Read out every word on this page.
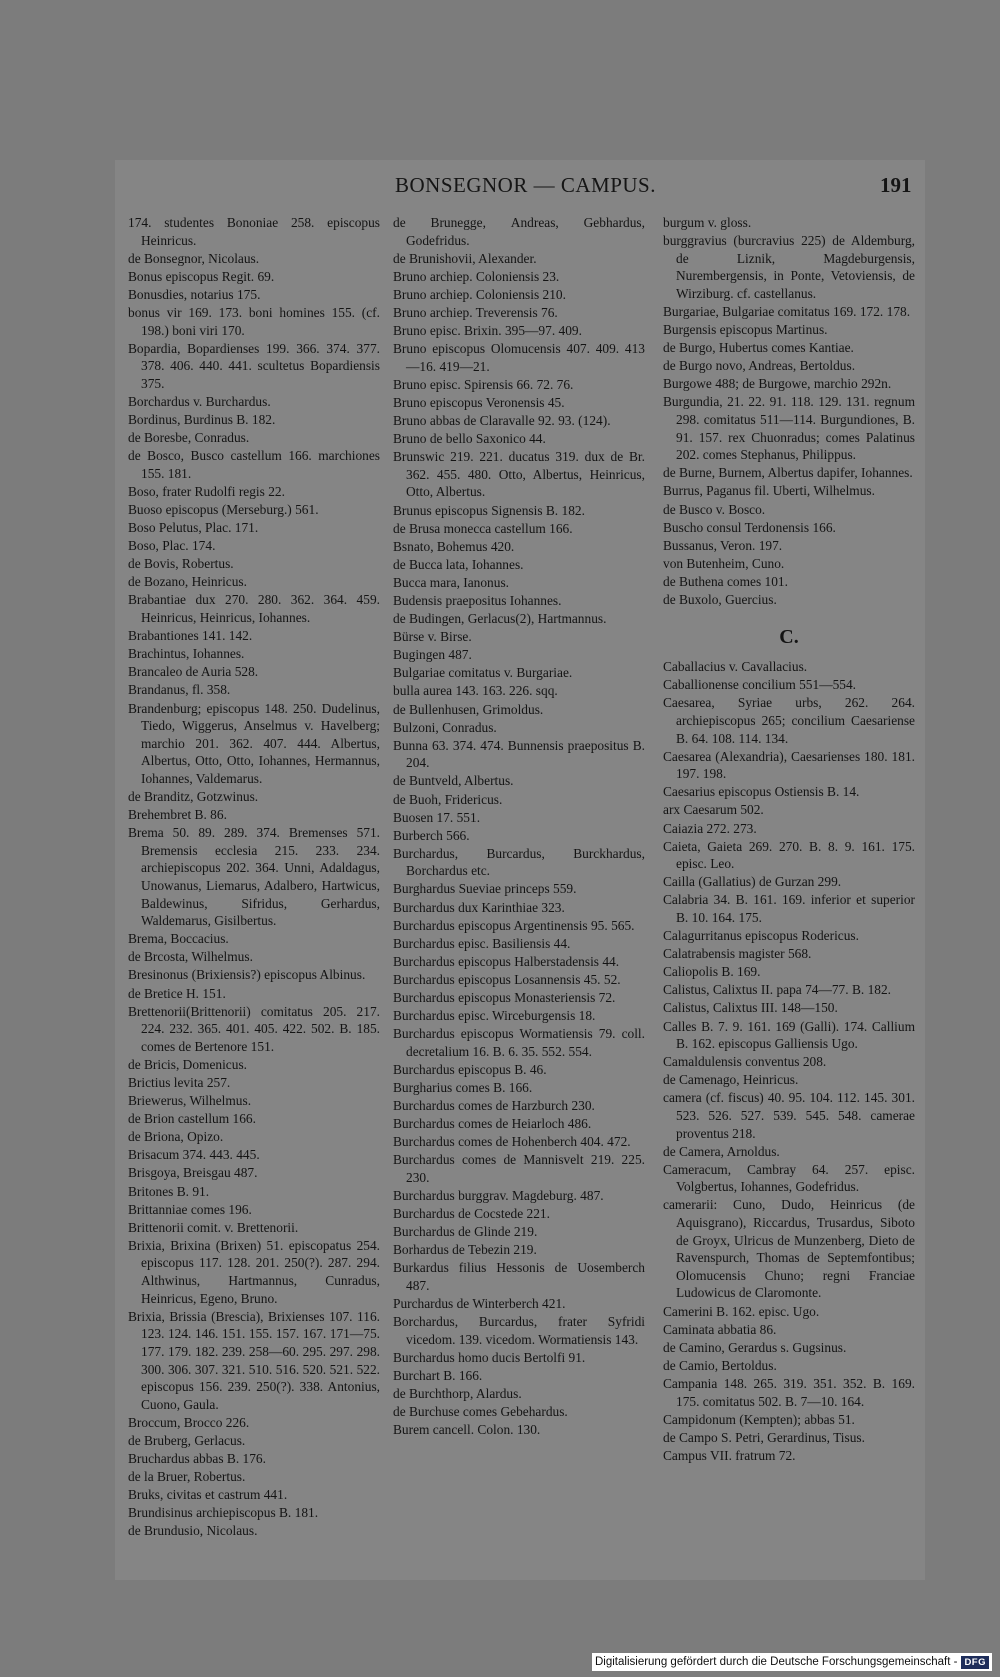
BONSEGNOR — CAMPUS.	191
174. studentes Bononiae 258. episcopus Heinricus.
de Bonsegnor, Nicolaus.
Bonus episcopus Regit. 69.
Bonusdies, notarius 175.
bonus vir 169. 173. boni homines 155. (cf. 198.) boni viri 170.
Bopardia, Bopardienses 199. 366. 374. 377. 378. 406. 440. 441. scultetus Bopardiensis 375.
Borchardus v. Burchardus.
Bordinus, Burdinus B. 182.
de Boresbe, Conradus.
de Bosco, Busco castellum 166. marchiones 155. 181.
Boso, frater Rudolfi regis 22.
Buoso episcopus (Merseburg.) 561.
Boso Pelutus, Plac. 171.
Boso, Plac. 174.
de Bovis, Robertus.
de Bozano, Heinricus.
Brabantiae dux 270. 280. 362. 364. 459. Heinricus, Heinricus, Iohannes.
Brabantiones 141. 142.
Brachintus, Iohannes.
Brancaleo de Auria 528.
Brandanus, fl. 358.
Brandenburg; episcopus 148. 250. Dudelinus, Tiedo, Wiggerus, Anselmus v. Havelberg; marchio 201. 362. 407. 444. Albertus, Albertus, Otto, Otto, Iohannes, Hermannus, Iohannes, Valdemarus.
de Branditz, Gotzwinus.
Brehembret B. 86.
Brema 50. 89. 289. 374. Bremenses 571. Bremensis ecclesia 215. 233. 234. archiepiscopus 202. 364. Unni, Adaldagus, Unowanus, Liemarus, Adalbero, Hartwicus, Baldewinus, Sifridus, Gerhardus, Waldemarus, Gisilbertus.
Brema, Boccacius.
de Brcosta, Wilhelmus.
Bresinonus (Brixiensis?) episcopus Albinus.
de Bretice H. 151.
Brettenorii(Brittenorii) comitatus 205. 217. 224. 232. 365. 401. 405. 422. 502. B. 185. comes de Bertenore 151.
de Bricis, Domenicus.
Brictius levita 257.
Briewerus, Wilhelmus.
de Brion castellum 166.
de Briona, Opizo.
Brisacum 374. 443. 445.
Brisgoya, Breisgau 487.
Britones B. 91.
Brittanniae comes 196.
Brittenorii comit. v. Brettenorii.
Brixia, Brixina (Brixen) 51. episcopatus 254. episcopus 117. 128. 201. 250(?). 287. 294. Althwinus, Hartmannus, Cunradus, Heinricus, Egeno, Bruno.
Brixia, Brissia (Brescia), Brixienses 107. 116. 123. 124. 146. 151. 155. 157. 167. 171—75. 177. 179. 182. 239. 258—60. 295. 297. 298. 300. 306. 307. 321. 510. 516. 520. 521. 522. episcopus 156. 239. 250(?). 338. Antonius, Cuono, Gaula.
Broccum, Brocco 226.
de Bruberg, Gerlacus.
Bruchardus abbas B. 176.
de la Bruer, Robertus.
Bruks, civitas et castrum 441.
Brundisinus archiepiscopus B. 181.
de Brundusio, Nicolaus.
de Bruneggе, Andreas, Gebhardus, Godefridus.
de Brunishovii, Alexander.
Bruno archiep. Coloniensis 23.
Bruno archiep. Coloniensis 210.
Bruno archiep. Treverensis 76.
Bruno episc. Brixin. 395—97. 409.
Bruno episcopus Olomucensis 407. 409. 413—16. 419—21.
Bruno episc. Spirensis 66. 72. 76.
Bruno episcopus Veronensis 45.
Bruno abbas de Claravalle 92. 93. (124).
Bruno de bello Saxonico 44.
Brunswic 219. 221. ducatus 319. dux de Br. 362. 455. 480. Otto, Albertus, Heinricus, Otto, Albertus.
Brunus episcopus Signensis B. 182.
de Brusa monecca castellum 166.
Bsnato, Bohemus 420.
de Bucca lata, Iohannes.
Bucca mara, Ianonus.
Budensis praepositus Iohannes.
de Budingen, Gerlacus(2), Hartmannus.
Bürse v. Birse.
Bugingen 487.
Bulgariae comitatus v. Burgariae.
bulla aurea 143. 163. 226. sqq.
de Bullenhusen, Grimoldus.
Bulzoni, Conradus.
Bunna 63. 374. 474. Bunnensis praepositus B. 204.
de Buntveld, Albertus.
de Buoh, Fridericus.
Buosen 17. 551.
Burberch 566.
Burchardus, Burcardus, Burckhardus, Borchardus etc.
Burghardus Sueviae princeps 559.
Burchardus dux Karinthiae 323.
Burchardus episcopus Argentinensis 95. 565.
Burchardus episc. Basiliensis 44.
Burchardus episcopus Halberstadensis 44.
Burchardus episcopus Losannensis 45. 52.
Burchardus episcopus Monasteriensis 72.
Burchardus episc. Wirceburgensis 18.
Burchardus episcopus Wormatiensis 79. coll. decretalium 16. B. 6. 35. 552. 554.
Burchardus episcopus B. 46.
Burgharius comes B. 166.
Burchardus comes de Harzburch 230.
Burchardus comes de Heiarloch 486.
Burchardus comes de Hohenberch 404. 472.
Burchardus comes de Mannisvelt 219. 225. 230.
Burchardus burggrav. Magdeburg. 487.
Burchardus de Cocstede 221.
Burchardus de Glinde 219.
Borhardus de Tebezin 219.
Burkardus filius Hessonis de Uosemberch 487.
Purchardus de Winterberch 421.
Borchardus, Burcardus, frater Syfridi vicedom. 139. vicedom. Wormatiensis 143.
Burchardus homo ducis Bertolfi 91.
Burchart B. 166.
de Burchthorp, Alardus.
de Burchuse comes Gebehardus.
Burem cancell. Colon. 130.
burgum v. gloss.
burggravius (burcravius 225) de Aldemburg, de Liznik, Magdeburgensis, Nurembergensis, in Ponte, Vetoviensis, de Wirziburg. cf. castellanus.
Burgariae, Bulgariae comitatus 169. 172. 178.
Burgensis episcopus Martinus.
de Burgo, Hubertus comes Kantiae.
de Burgo novo, Andreas, Bertoldus.
Burgowe 488; de Burgowe, marchio 292n.
Burgundia, 21. 22. 91. 118. 129. 131. regnum 298. comitatus 511—114. Burgundiones, B. 91. 157. rex Chuonradus; comes Palatinus 202. comes Stephanus, Philippus.
de Burne, Burnem, Albertus dapifer, Iohannes.
Burrus, Paganus fil. Uberti, Wilhelmus.
de Busco v. Bosco.
Buscho consul Terdonensis 166.
Bussanus, Veron. 197.
von Butenheim, Cuno.
de Buthena comes 101.
de Buxolo, Guercius.
C.
Caballacius v. Cavallacius.
Caballionense concilium 551—554.
Caesarea, Syriae urbs, 262. 264. archiepiscopus 265; concilium Caesariense B. 64. 108. 114. 134.
Caesarea (Alexandria), Caesarienses 180. 181. 197. 198.
Caesarius episcopus Ostiensis B. 14.
arx Caesarum 502.
Caiazia 272. 273.
Caieta, Gaieta 269. 270. B. 8. 9. 161. 175. episc. Leo.
Cailla (Gallatius) de Gurzan 299.
Calabria 34. B. 161. 169. inferior et superior B. 10. 164. 175.
Calagurritanus episcopus Rodericus.
Calatrabensis magister 568.
Caliopolis B. 169.
Calistus, Calixtus II. papa 74—77. B. 182.
Calistus, Calixtus III. 148—150.
Calles B. 7. 9. 161. 169 (Galli). 174. Callium B. 162. episcopus Galliensis Ugo.
Camaldulensis conventus 208.
de Camenago, Heinricus.
camera (cf. fiscus) 40. 95. 104. 112. 145. 301. 523. 526. 527. 539. 545. 548. camerae proventus 218.
de Camera, Arnoldus.
Cameracum, Cambray 64. 257. episc. Volgbertus, Iohannes, Godefridus.
camerarii: Cuno, Dudo, Heinricus (de Aquisgrano), Riccardus, Trusardus, Siboto de Groyx, Ulricus de Munzenberg, Dieto de Ravenspurch, Thomas de Septemfontibus; Olomucensis Chuno; regni Franciae Ludowicus de Claromonte.
Camerini B. 162. episc. Ugo.
Caminata abbatia 86.
de Camino, Gerardus s. Gugsinus.
de Camio, Bertoldus.
Campania 148. 265. 319. 351. 352. B. 169. 175. comitatus 502. B. 7—10. 164.
Campidonum (Kempten); abbas 51.
de Campo S. Petri, Gerardinus, Tisus.
Campus VII. fratrum 72.
Digitalisierung gefördert durch die Deutsche Forschungsgemeinschaft - DFG
